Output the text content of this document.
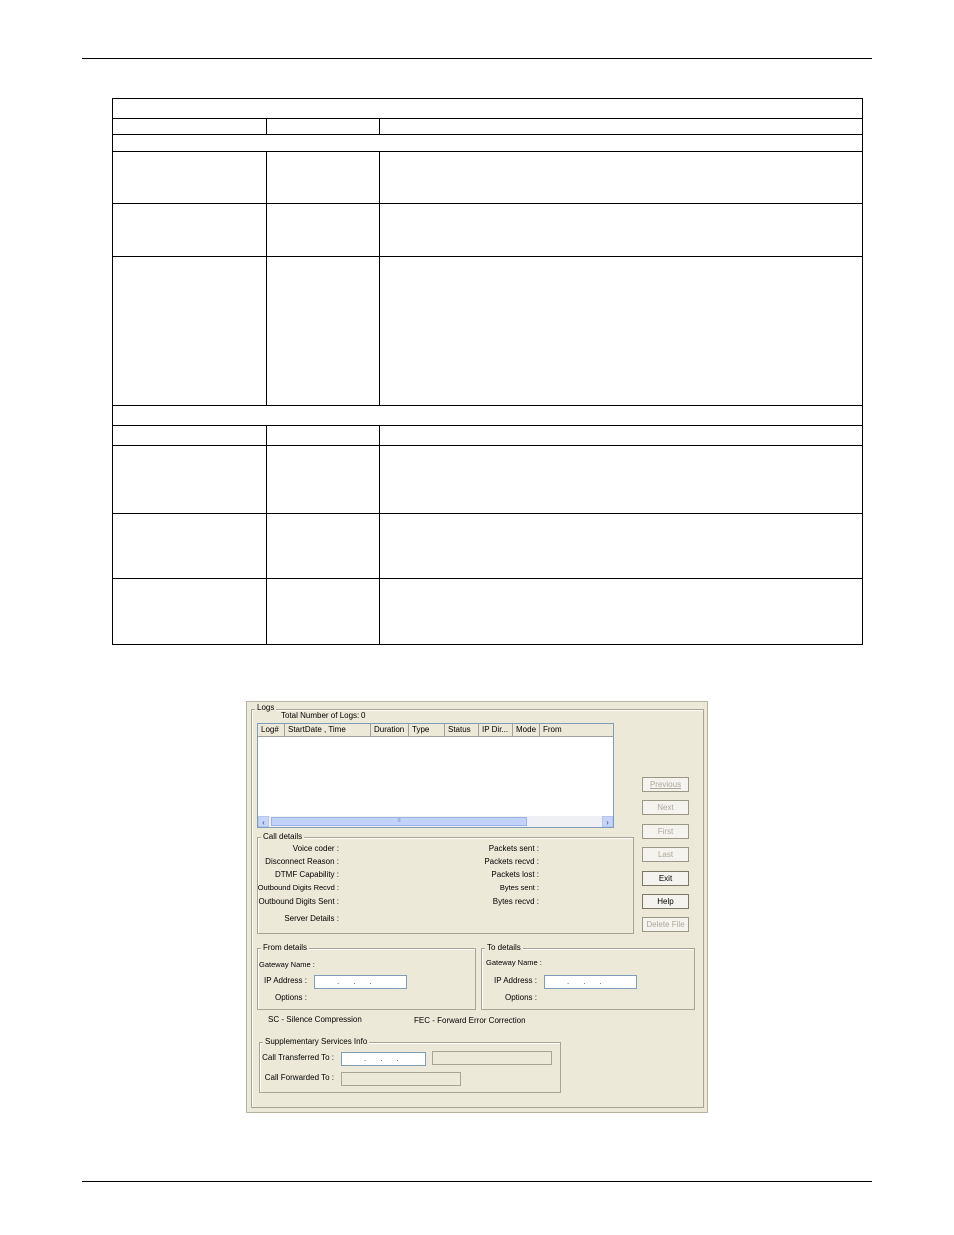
Logs
Total Number of Logs: 0
Log#	StartDate , Time	Duration Type	Status	IP Dir... Mode From
‹	≡	›
Previous
Next
First
Last
Exit
Help
Delete File
Call details
Voice coder :
Disconnect Reason :
DTMF Capability :
Outbound Digits Recvd :
Outbound Digits Sent :
Server Details :
Packets sent :
Packets recvd :
Packets lost :
Bytes sent :
Bytes recvd :
From details
Gateway Name :
IP Address :	...
Options :
To details
Gateway Name :
IP Address :	...
Options :
SC - Silence Compression	FEC - Forward Error Correction
Supplementary Services Info
Call Transferred To :	...
Call Forwarded To :
